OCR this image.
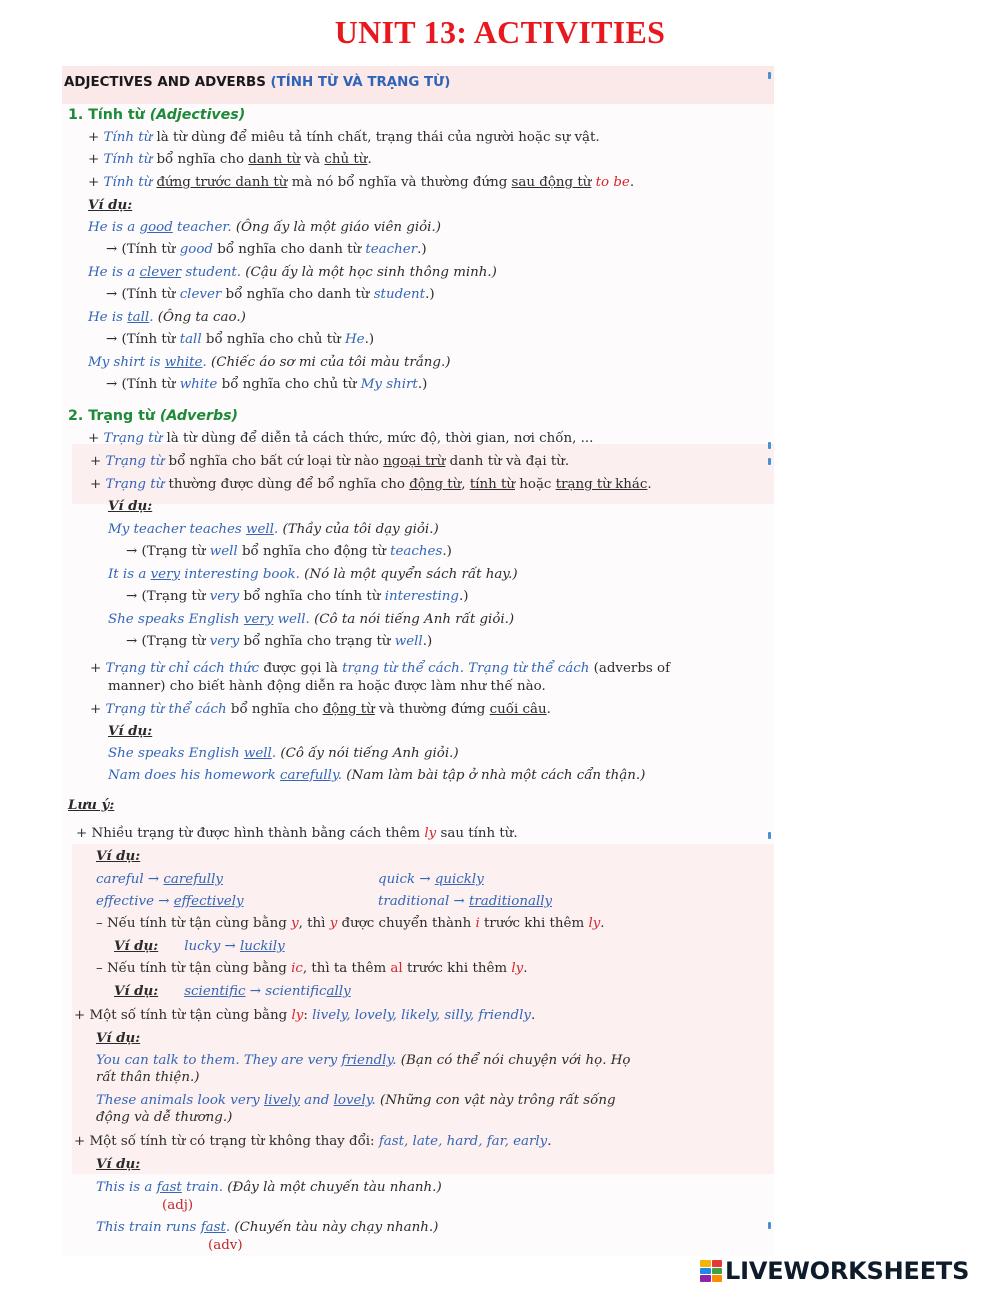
UNIT 13: ACTIVITIES
ADJECTIVES AND ADVERBS (TÍNH TỪ VÀ TRẠNG TỪ)
1. Tính từ (Adjectives)
+ Tính từ là từ dùng để miêu tả tính chất, trạng thái của người hoặc sự vật.
+ Tính từ bổ nghĩa cho danh từ và chủ từ.
+ Tính từ đứng trước danh từ mà nó bổ nghĩa và thường đứng sau động từ to be.
Ví dụ:
He is a good teacher. (Ông ấy là một giáo viên giỏi.)
→ (Tính từ good bổ nghĩa cho danh từ teacher.)
He is a clever student. (Cậu ấy là một học sinh thông minh.)
→ (Tính từ clever bổ nghĩa cho danh từ student.)
He is tall. (Ông ta cao.)
→ (Tính từ tall bổ nghĩa cho chủ từ He.)
My shirt is white. (Chiếc áo sơ mi của tôi màu trắng.)
→ (Tính từ white bổ nghĩa cho chủ từ My shirt.)
2. Trạng từ (Adverbs)
+ Trạng từ là từ dùng để diễn tả cách thức, mức độ, thời gian, nơi chốn, ...
+ Trạng từ bổ nghĩa cho bất cứ loại từ nào ngoại trừ danh từ và đại từ.
+ Trạng từ thường được dùng để bổ nghĩa cho động từ, tính từ hoặc trạng từ khác.
Ví dụ:
My teacher teaches well. (Thầy của tôi dạy giỏi.)
→ (Trạng từ well bổ nghĩa cho động từ teaches.)
It is a very interesting book. (Nó là một quyển sách rất hay.)
→ (Trạng từ very bổ nghĩa cho tính từ interesting.)
She speaks English very well. (Cô ta nói tiếng Anh rất giỏi.)
→ (Trạng từ very bổ nghĩa cho trạng từ well.)
+ Trạng từ chỉ cách thức được gọi là trạng từ thể cách. Trạng từ thể cách (adverbs of
manner) cho biết hành động diễn ra hoặc được làm như thế nào.
+ Trạng từ thể cách bổ nghĩa cho động từ và thường đứng cuối câu.
Ví dụ:
She speaks English well. (Cô ấy nói tiếng Anh giỏi.)
Nam does his homework carefully. (Nam làm bài tập ở nhà một cách cẩn thận.)
Lưu ý:
+ Nhiều trạng từ được hình thành bằng cách thêm ly sau tính từ.
Ví dụ:
careful → carefully	quick → quickly
effective → effectively	traditional → traditionally
– Nếu tính từ tận cùng bằng y, thì y được chuyển thành i trước khi thêm ly.
Ví dụ: lucky → luckily
– Nếu tính từ tận cùng bằng ic, thì ta thêm al trước khi thêm ly.
Ví dụ: scientific → scientifically
+ Một số tính từ tận cùng bằng ly: lively, lovely, likely, silly, friendly.
Ví dụ:
You can talk to them. They are very friendly. (Bạn có thể nói chuyện với họ. Họ
rất thân thiện.)
These animals look very lively and lovely. (Những con vật này trông rất sống
động và dễ thương.)
+ Một số tính từ có trạng từ không thay đổi: fast, late, hard, far, early.
Ví dụ:
This is a fast train. (Đây là một chuyến tàu nhanh.)
(adj)
This train runs fast. (Chuyến tàu này chạy nhanh.)
(adv)
LIVEWORKSHEETS
